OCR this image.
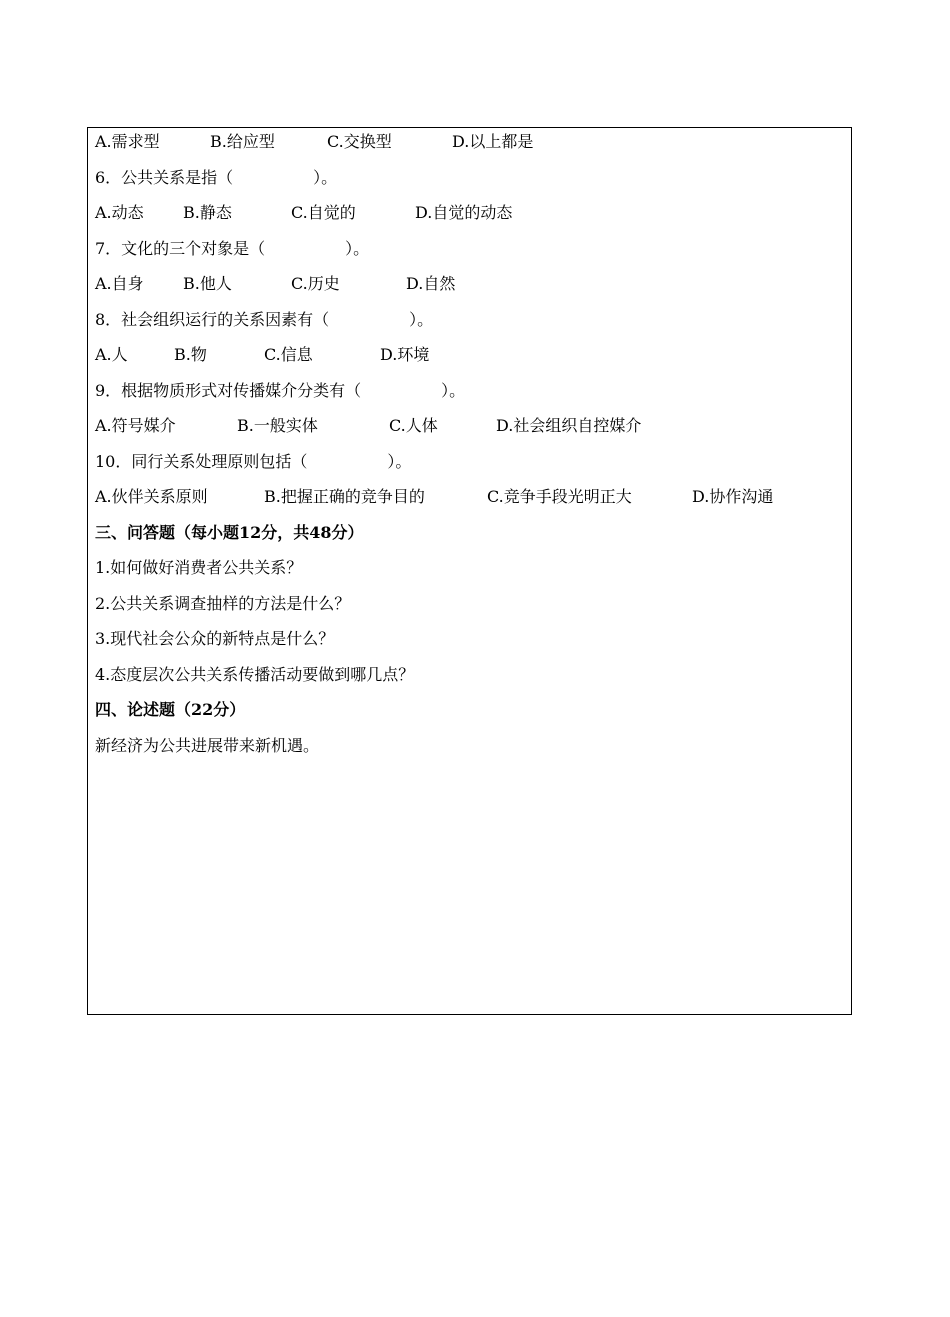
A.需求型	B.给应型	C.交换型	D.以上都是
6．公共关系是指（　　　　　）。
A.动态 B.静态	C.自觉的	D.自觉的动态
7．文化的三个对象是（　　　　　）。
A.自身 B.他人	C.历史	D.自然
8．社会组织运行的关系因素有（　　　　　）。
A.人	B.物	C.信息	D.环境
9．根据物质形式对传播媒介分类有（　　　　　）。
A.符号媒介	B.一般实体	C.人体	D.社会组织自控媒介
10．同行关系处理原则包括（　　　　　）。
A.伙伴关系原则	B.把握正确的竞争目的	C.竞争手段光明正大	D.协作沟通
三、问答题（每小题12分，共48分）
1.如何做好消费者公共关系？
2.公共关系调查抽样的方法是什么？
3.现代社会公众的新特点是什么？
4.态度层次公共关系传播活动要做到哪几点？
四、论述题（22分）
新经济为公共进展带来新机遇。
